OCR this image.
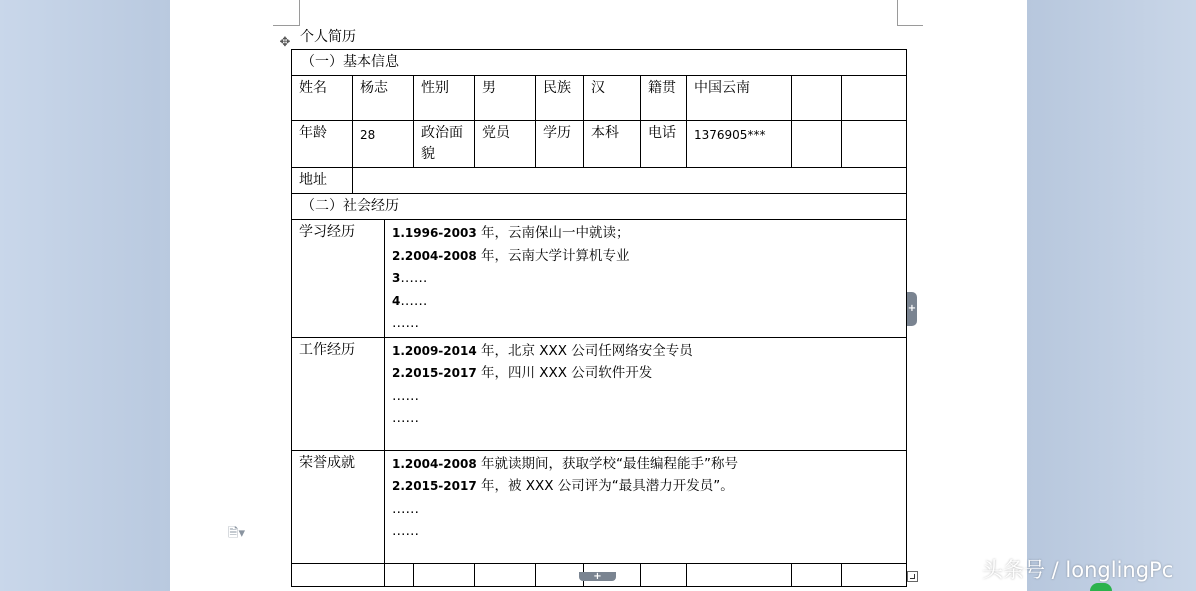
个人简历
✥
（一）基本信息										
姓名	杨志		性别	男	民族	汉	籍贯	中国云南		
年龄	28		政治面貌	党员	学历	本科	电话	1376905***		
地址										
（二）社会经历										
学习经历		1.1996-2003 年，云南保山一中就读；
2.2004-2008 年，云南大学计算机专业
3……
4……
……								

工作经历		1.2009-2014 年，北京 XXX 公司任网络安全专员
2.2015-2017 年，四川 XXX 公司软件开发
……
……								

荣誉成就		1.2004-2008 年就读期间，获取学校“最佳编程能手”称号
2.2015-2017 年，被 XXX 公司评为“最具潜力开发员”。
……
……								

+
+
🗎▾
头条号 / longlingPc
